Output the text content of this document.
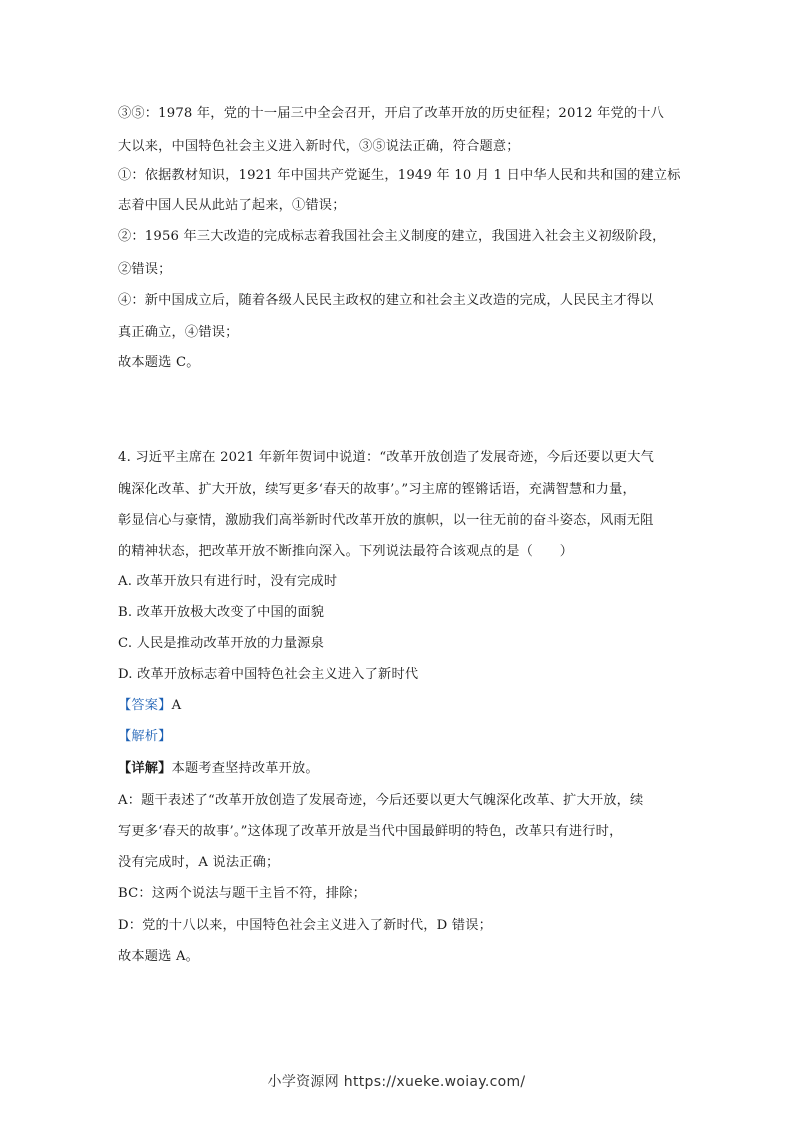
③⑤：1978 年，党的十一届三中全会召开，开启了改革开放的历史征程；2012 年党的十八
大以来，中国特色社会主义进入新时代，③⑤说法正确，符合题意；
①：依据教材知识，1921 年中国共产党诞生，1949 年 10 月 1 日中华人民和共和国的建立标
志着中国人民从此站了起来，①错误；
②：1956 年三大改造的完成标志着我国社会主义制度的建立，我国进入社会主义初级阶段，
②错误；
④：新中国成立后，随着各级人民民主政权的建立和社会主义改造的完成，人民民主才得以
真正确立，④错误；
故本题选 C。
4. 习近平主席在 2021 年新年贺词中说道：“改革开放创造了发展奇迹，今后还要以更大气
魄深化改革、扩大开放，续写更多‘春天的故事’。”习主席的铿锵话语，充满智慧和力量，
彰显信心与豪情，激励我们高举新时代改革开放的旗帜，以一往无前的奋斗姿态，风雨无阻
的精神状态，把改革开放不断推向深入。下列说法最符合该观点的是（　　）
A. 改革开放只有进行时，没有完成时
B. 改革开放极大改变了中国的面貌
C. 人民是推动改革开放的力量源泉
D. 改革开放标志着中国特色社会主义进入了新时代
【答案】A
【解析】
【详解】本题考查坚持改革开放。
A：题干表述了“改革开放创造了发展奇迹，今后还要以更大气魄深化改革、扩大开放，续
写更多‘春天的故事’。”这体现了改革开放是当代中国最鲜明的特色，改革只有进行时，
没有完成时，A 说法正确；
BC：这两个说法与题干主旨不符，排除；
D：党的十八以来，中国特色社会主义进入了新时代，D 错误；
故本题选 A。
小学资源网 https://xueke.woiay.com/
